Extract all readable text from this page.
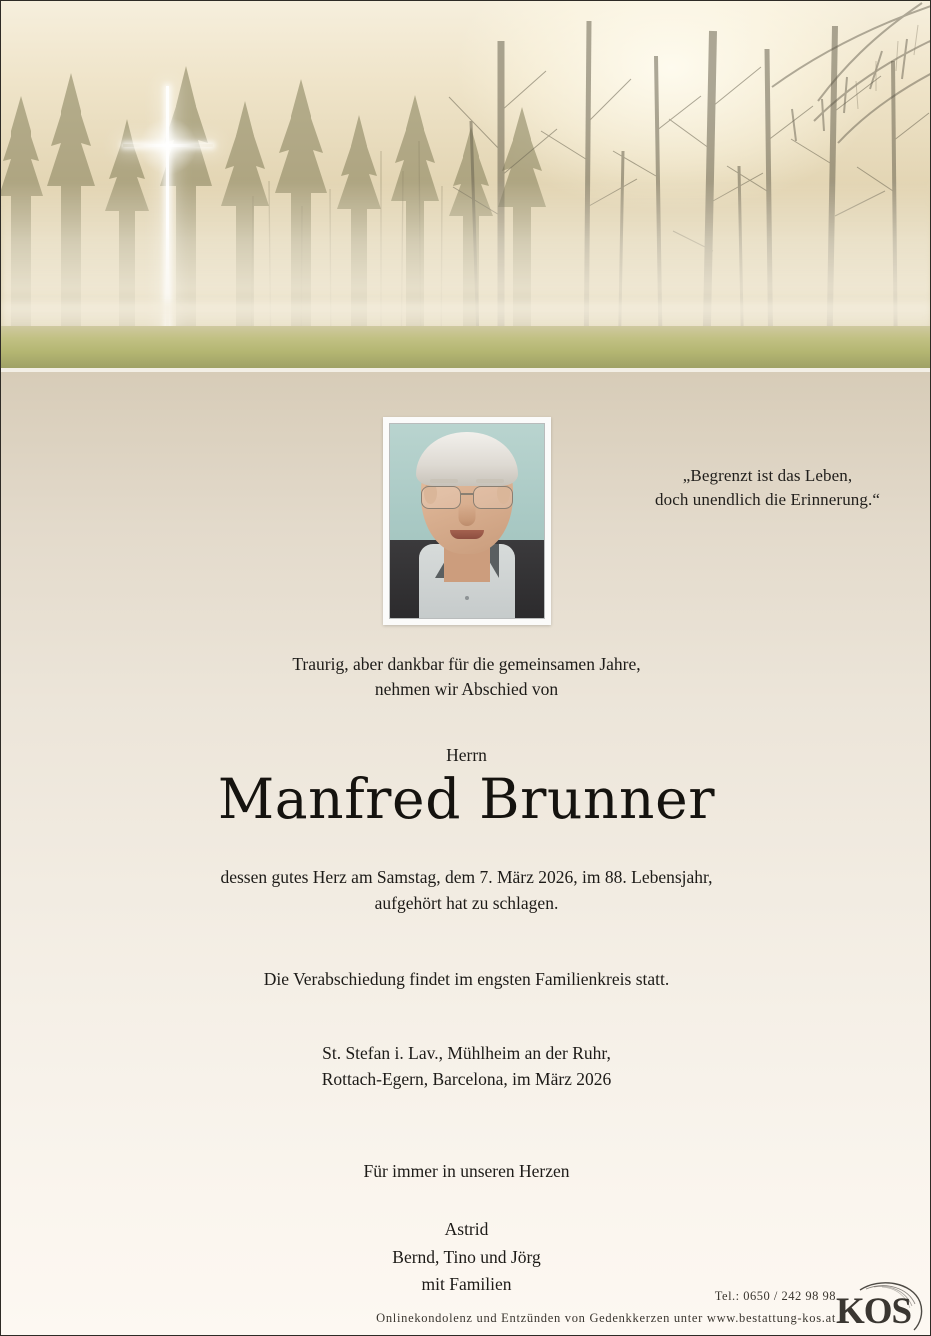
„Begrenzt ist das Leben,
doch unendlich die Erinnerung.“

Traurig, aber dankbar für die gemeinsamen Jahre,
nehmen wir Abschied von

Herrn

Manfred Brunner

dessen gutes Herz am Samstag, dem 7. März 2026, im 88. Lebensjahr,
aufgehört hat zu schlagen.

Die Verabschiedung findet im engsten Familienkreis statt.

St. Stefan i. Lav., Mühlheim an der Ruhr,
Rottach-Egern, Barcelona, im März 2026

Für immer in unseren Herzen

Astrid
Bernd, Tino und Jörg
mit Familien

Tel.: 0650 / 242 98 98
Onlinekondolenz und Entzünden von Gedenkkerzen unter www.bestattung-kos.at KOS
